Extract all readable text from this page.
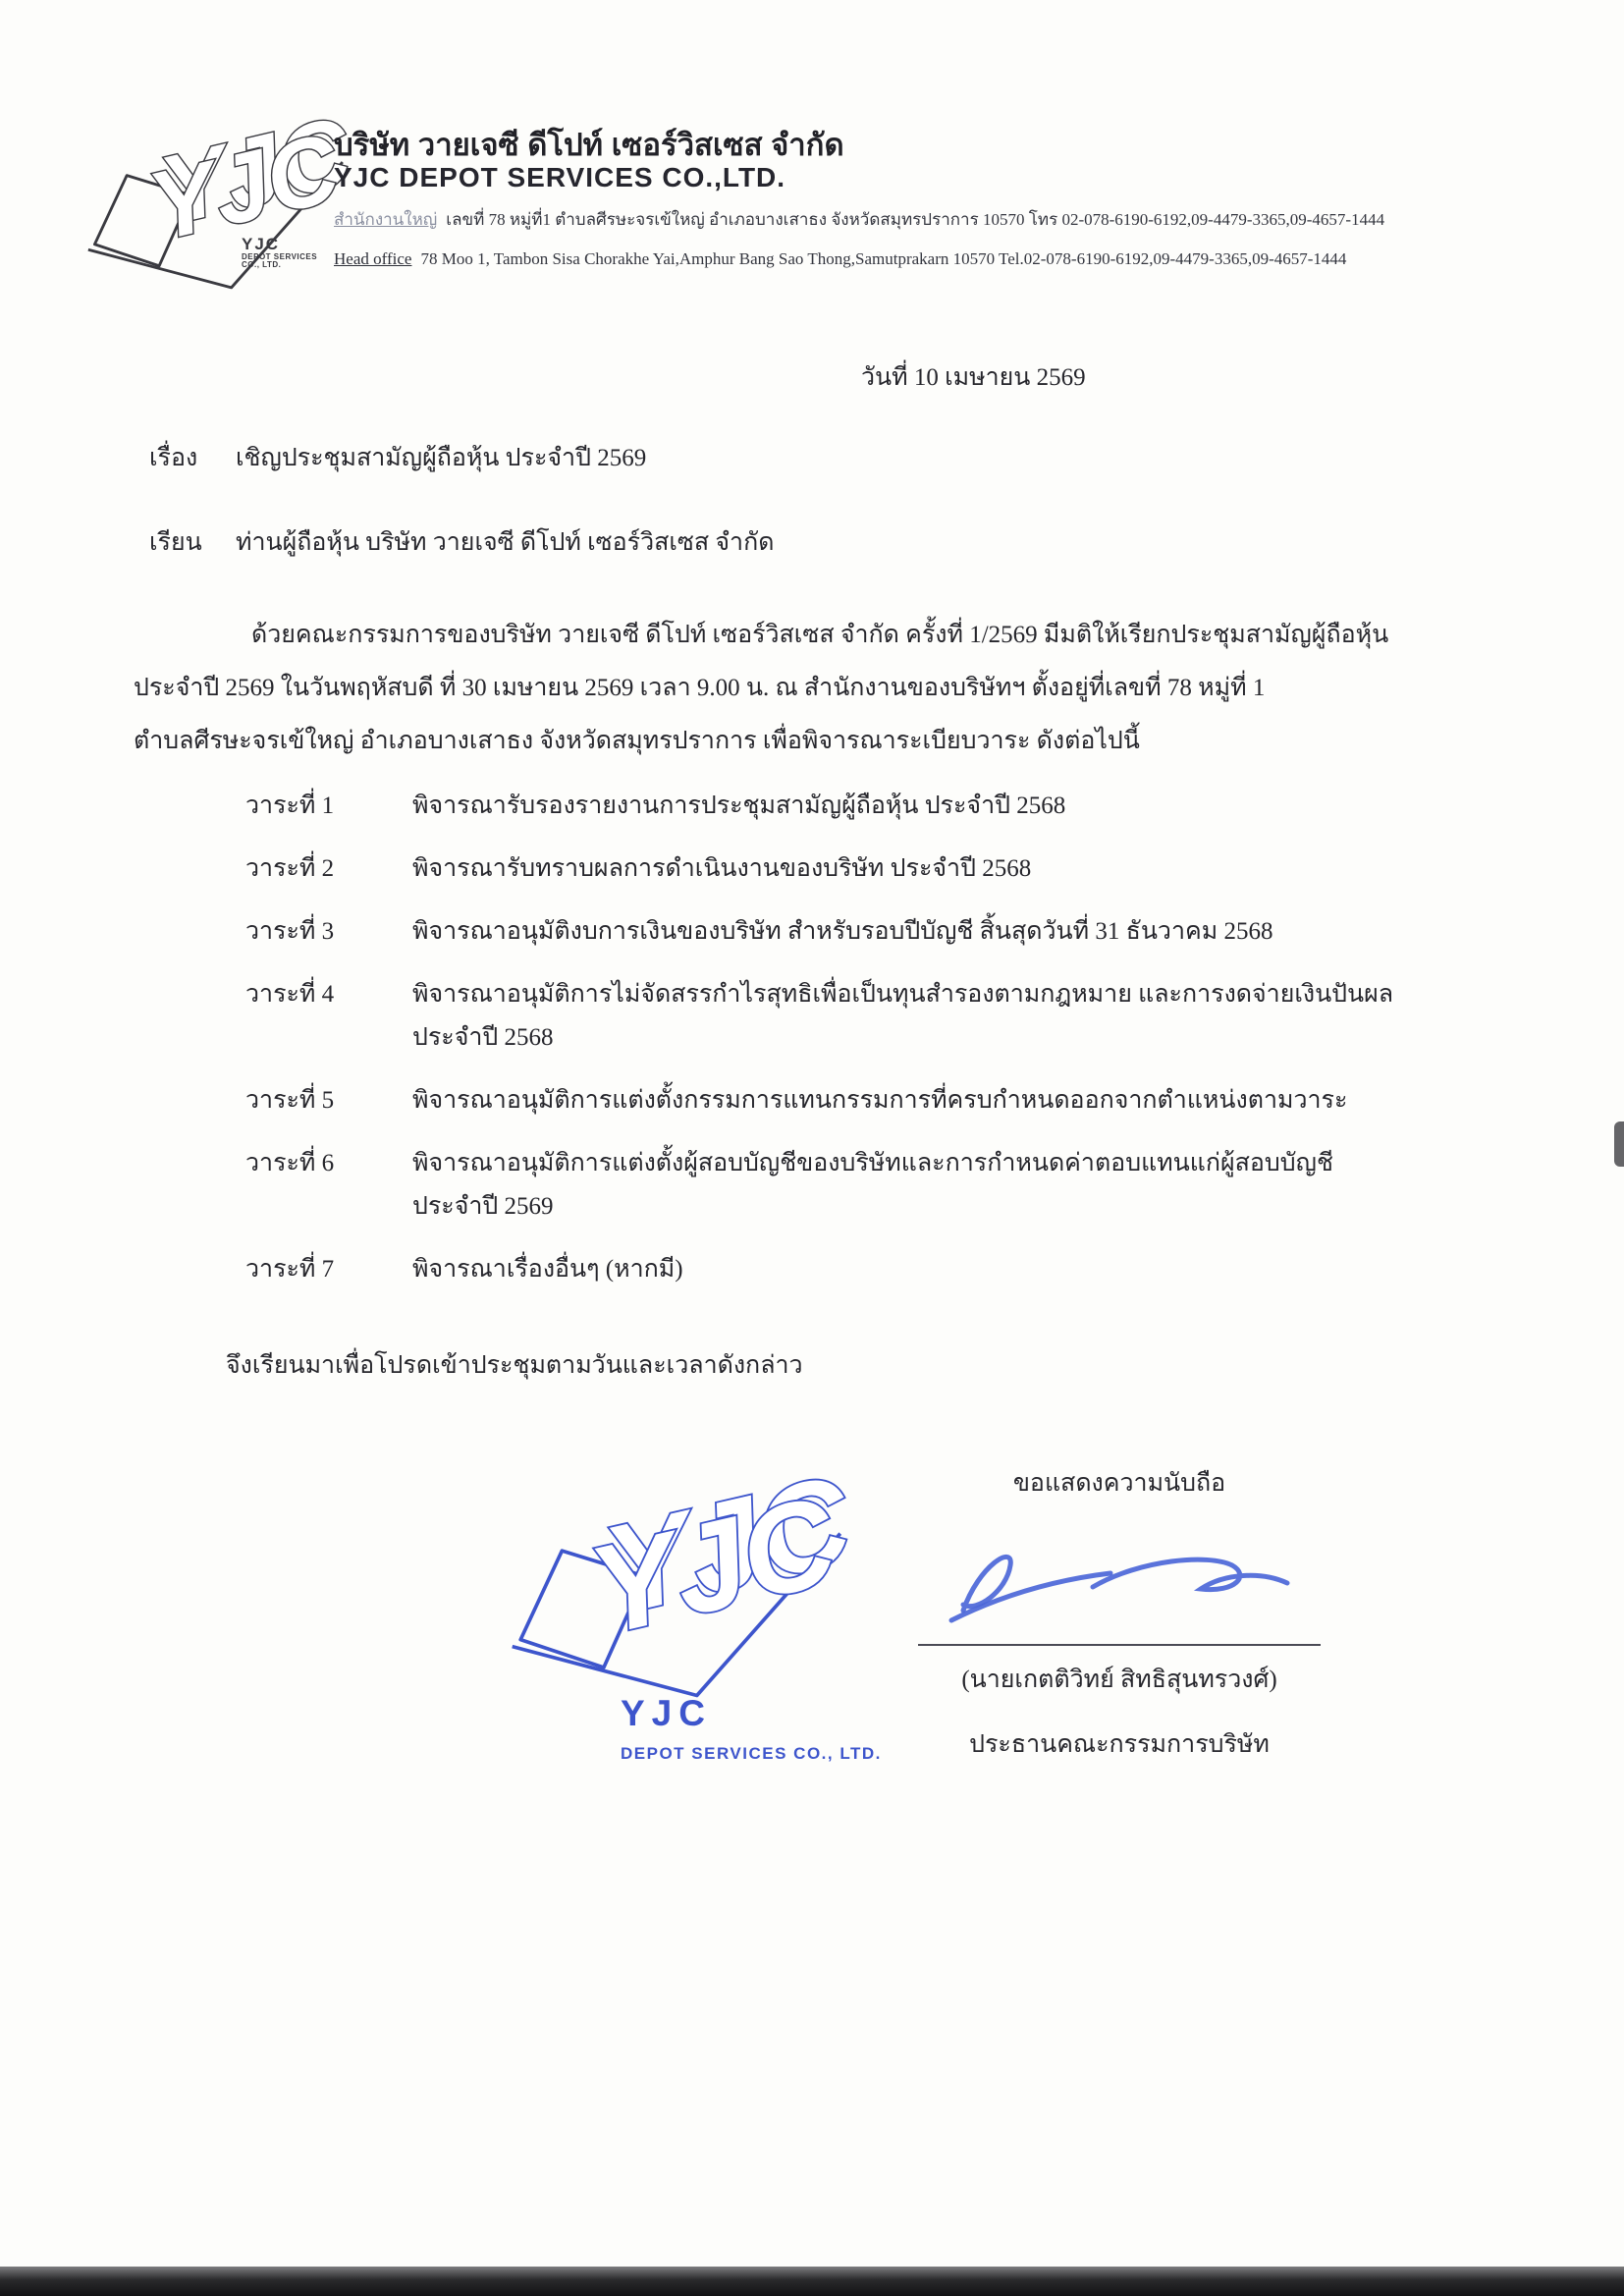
YJC
DEPOT SERVICES
CO., LTD.
บริษัท วายเจซี ดีโปท์ เซอร์วิสเซส จำกัด
YJC DEPOT SERVICES CO.,LTD.
สำนักงานใหญ่ เลขที่ 78 หมู่ที่1 ตำบลศีรษะจรเข้ใหญ่ อำเภอบางเสาธง จังหวัดสมุทรปราการ 10570 โทร 02-078-6190-6192,09-4479-3365,09-4657-1444
Head office 78 Moo 1, Tambon Sisa Chorakhe Yai,Amphur Bang Sao Thong,Samutprakarn 10570 Tel.02-078-6190-6192,09-4479-3365,09-4657-1444
วันที่ 10 เมษายน 2569
เรื่อง เชิญประชุมสามัญผู้ถือหุ้น ประจำปี 2569
เรียน ท่านผู้ถือหุ้น บริษัท วายเจซี ดีโปท์ เซอร์วิสเซส จำกัด
ด้วยคณะกรรมการของบริษัท วายเจซี ดีโปท์ เซอร์วิสเซส จำกัด ครั้งที่ 1/2569 มีมติให้เรียกประชุมสามัญผู้ถือหุ้น
ประจำปี 2569 ในวันพฤหัสบดี ที่ 30 เมษายน 2569 เวลา 9.00 น. ณ สำนักงานของบริษัทฯ ตั้งอยู่ที่เลขที่ 78 หมู่ที่ 1
ตำบลศีรษะจรเข้ใหญ่ อำเภอบางเสาธง จังหวัดสมุทรปราการ เพื่อพิจารณาระเบียบวาระ ดังต่อไปนี้
วาระที่ 1	พิจารณารับรองรายงานการประชุมสามัญผู้ถือหุ้น ประจำปี 2568
วาระที่ 2	พิจารณารับทราบผลการดำเนินงานของบริษัท ประจำปี 2568
วาระที่ 3	พิจารณาอนุมัติงบการเงินของบริษัท สำหรับรอบปีบัญชี สิ้นสุดวันที่ 31 ธันวาคม 2568
วาระที่ 4	พิจารณาอนุมัติการไม่จัดสรรกำไรสุทธิเพื่อเป็นทุนสำรองตามกฎหมาย และการงดจ่ายเงินปันผล
ประจำปี 2568
วาระที่ 5	พิจารณาอนุมัติการแต่งตั้งกรรมการแทนกรรมการที่ครบกำหนดออกจากตำแหน่งตามวาระ
วาระที่ 6	พิจารณาอนุมัติการแต่งตั้งผู้สอบบัญชีของบริษัทและการกำหนดค่าตอบแทนแก่ผู้สอบบัญชี
ประจำปี 2569
วาระที่ 7	พิจารณาเรื่องอื่นๆ (หากมี)
จึงเรียนมาเพื่อโปรดเข้าประชุมตามวันและเวลาดังกล่าว
YJC
DEPOT SERVICES CO., LTD.
ขอแสดงความนับถือ
(นายเกตติวิทย์ สิทธิสุนทรวงศ์)
ประธานคณะกรรมการบริษัท
